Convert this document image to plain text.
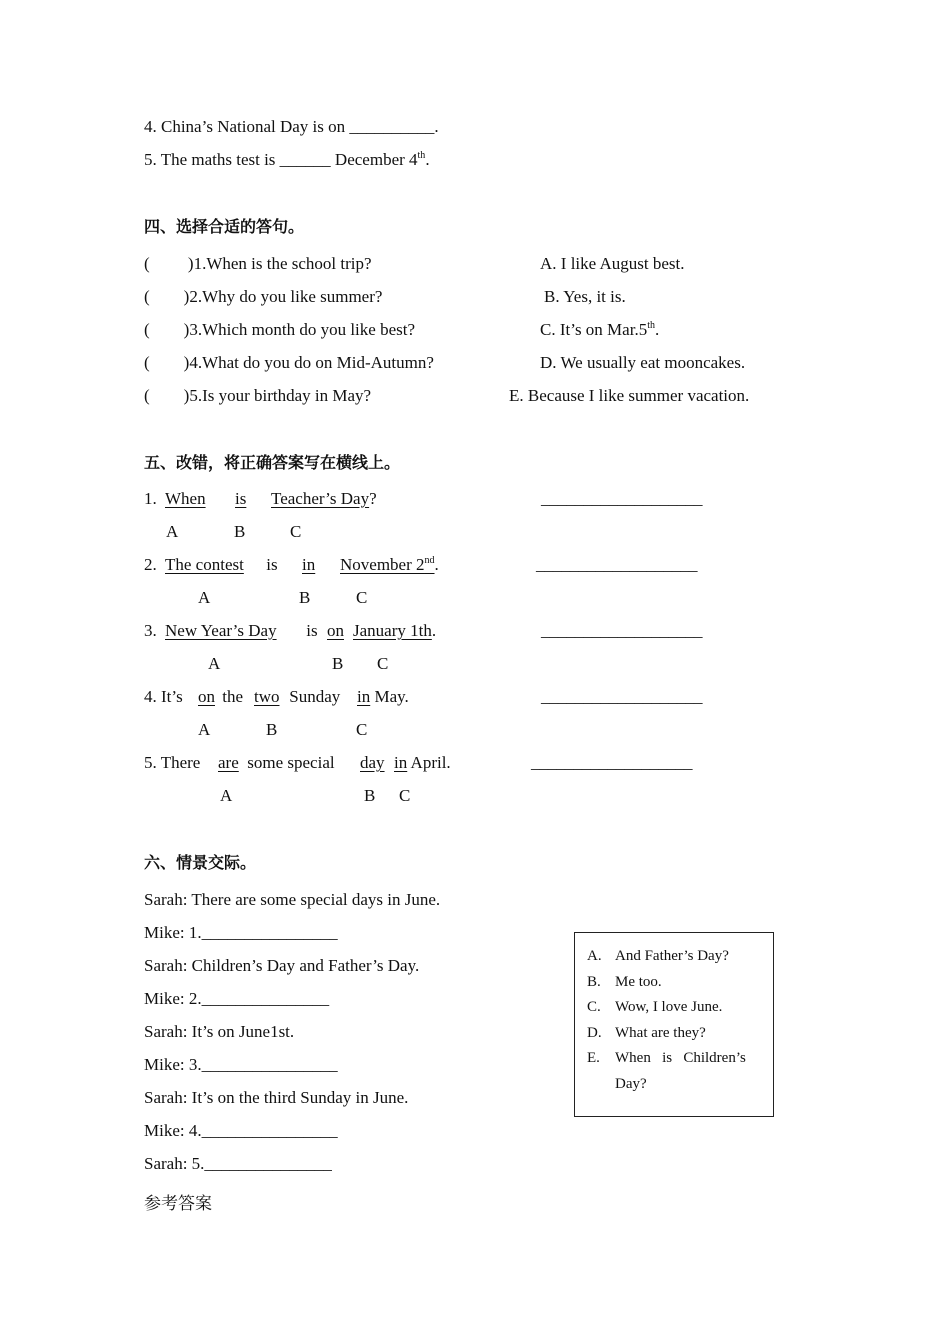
4. China’s National Day is on __________.
5. The maths test is ______ December 4th.
四、选择合适的答句。
(         )1.When is the school trip?	A. I like August best.
(        )2.Why do you like summer?	B. Yes, it is.
(        )3.Which month do you like best?	C. It’s on Mar.5th.
(        )4.What do you do on Mid-Autumn?	D. We usually eat mooncakes.
(        )5.Is your birthday in May?	E. Because I like summer vacation.
五、改错，将正确答案写在横线上。
1. When is Teacher’s Day?	___________________
A	B	C
2. The contest is in November 2nd.	___________________
A	B	C
3. New Year’s Day is on January 1th.	___________________
A	B C
4. It’s on the two Sunday in May.	___________________
A	B	C
5. There are some special day in April.	___________________
A	B C
六、情景交际。
Sarah: There are some special days in June.
Mike: 1.________________
Sarah: Children’s Day and Father’s Day.
Mike: 2._______________
Sarah: It’s on June1st.
Mike: 3.________________
Sarah: It’s on the third Sunday in June.
Mike: 4.________________
Sarah: 5._______________
A. And Father’s Day?
B. Me too.
C. Wow, I love June.
D. What are they?
E. When   is   Children’s
Day?
参考答案
